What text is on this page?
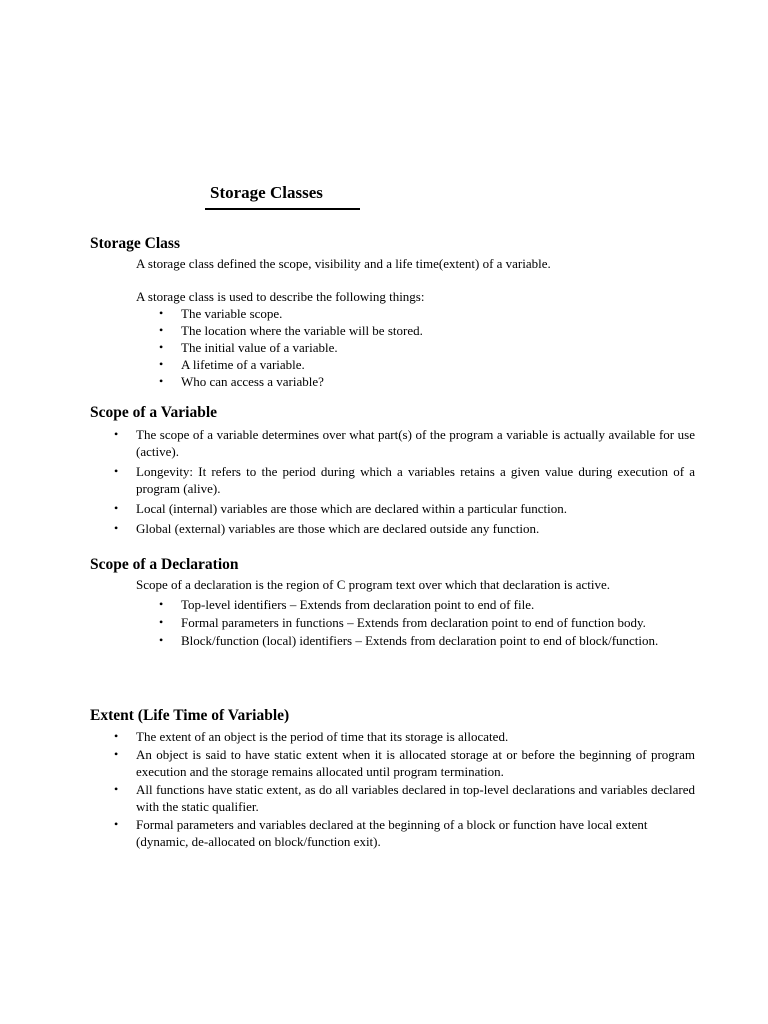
Storage Classes
Storage Class

A storage class defined the scope, visibility and a life time(extent) of a variable.

A storage class is used to describe the following things:

• The variable scope.
• The location where the variable will be stored.
• The initial value of a variable.
• A lifetime of a variable.
• Who can access a variable?
Scope of a Variable
• The scope of a variable determines over what part(s) of the program a variable is actually available for use (active).
• Longevity: It refers to the period during which a variables retains a given value during execution of a program (alive).
• Local (internal) variables are those which are declared within a particular function.
• Global (external) variables are those which are declared outside any function.
Scope of a Declaration

Scope of a declaration is the region of C program text over which that declaration is active.

• Top-level identifiers – Extends from declaration point to end of file.
• Formal parameters in functions – Extends from declaration point to end of function body.
• Block/function (local) identifiers – Extends from declaration point to end of block/function.
Extent (Life Time of Variable)
• The extent of an object is the period of time that its storage is allocated.
• An object is said to have static extent when it is allocated storage at or before the beginning of program execution and the storage remains allocated until program termination.
• All functions have static extent, as do all variables declared in top-level declarations and variables declared with the static qualifier.
• Formal parameters and variables declared at the beginning of a block or function have local extent (dynamic, de-allocated on block/function exit).
